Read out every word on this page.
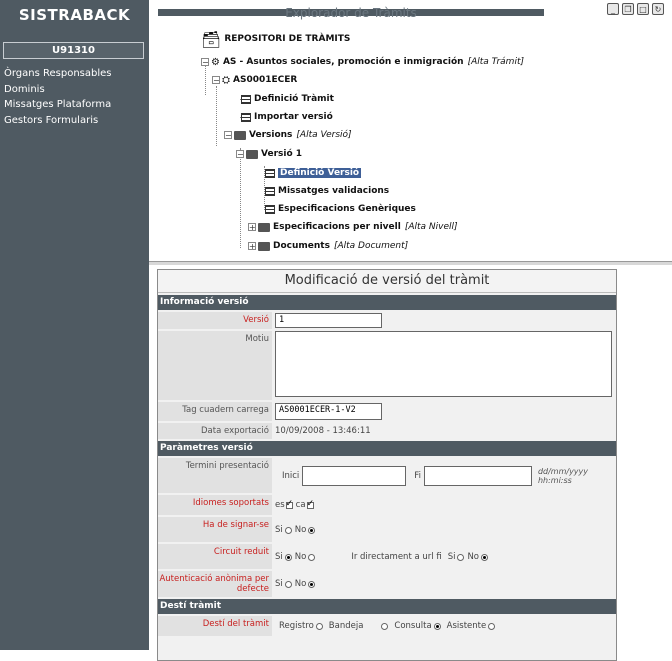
SISTRABACK
U91310
Òrgans Responsables
Dominis
Missatges Plataforma
Gestors Formularis
Explorador de Tràmits	_	❐ □ ↻
🗃 REPOSITORI DE TRÀMITS
− ⚙ AS - Asuntos sociales, promoción e inmigración [Alta Trámit]
− ⛭ AS0001ECER
Definició Tràmit
Importar versió
− Versions [Alta Versió]
− Versió 1
Definició Versió
Missatges validacions
Especificacions Genèriques
+ Especificacions per nivell [Alta Nivell]
+ Documents [Alta Document]
Modificació de versió del tràmit
Informació versió
Versió	1
Motiu
Tag cuadern carrega	AS0001ECER-1-V2
Data exportació 10/09/2008 - 13:46:11
Paràmetres versió
Termini presentació
Inici	Fi	dd/mm/yyyy hh:mi:ss
Idiomes soportats es
✓ ca
✓
Ha de signar-se Si No
Circuit reduit Si No	Ir directament a url fi Si No
Autenticació anònima per defecte Si No
Destí tràmit
Destí del tràmit	Registro Bandeja	Consulta Asistente
